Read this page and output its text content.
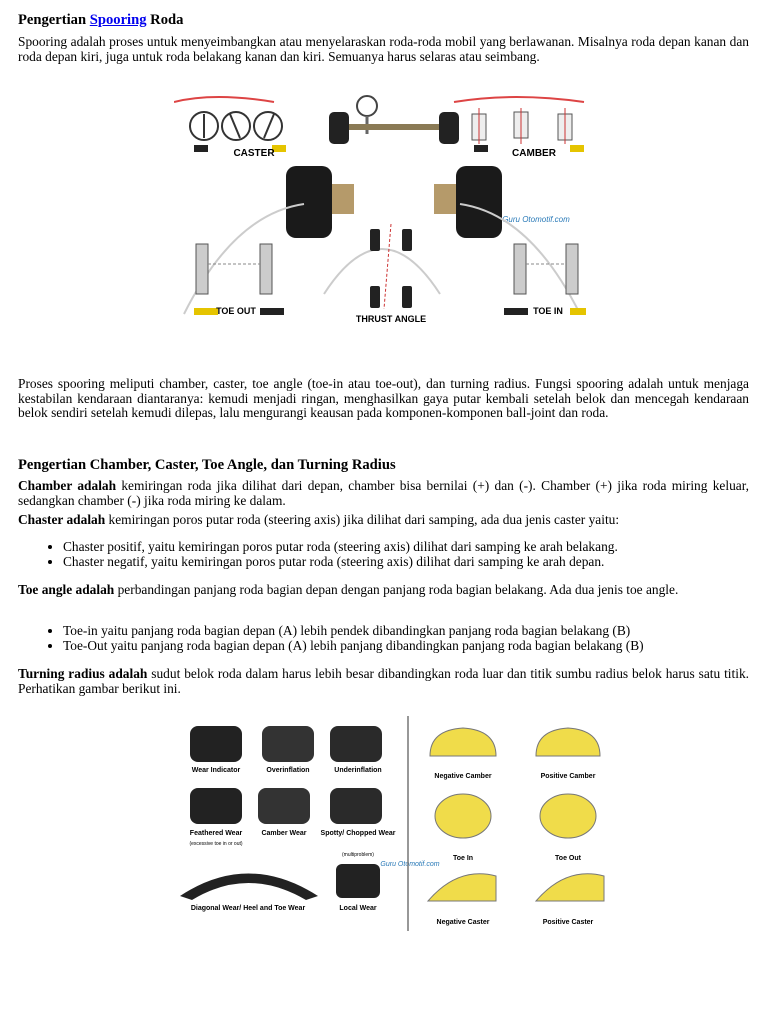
Pengertian Spooring Roda

Spooring adalah proses untuk menyeimbangkan atau menyelaraskan roda-roda mobil yang berlawanan. Misalnya roda depan kanan dan roda depan kiri, juga untuk roda belakang kanan dan kiri. Semuanya harus selaras atau seimbang.

CASTER	CAMBER
Guru Otomotif.com
TOE OUT
THRUST ANGLE
TOE IN

Proses spooring meliputi chamber, caster, toe angle (toe-in atau toe-out), dan turning radius. Fungsi spooring adalah untuk menjaga kestabilan kendaraan diantaranya: kemudi menjadi ringan, menghasilkan gaya putar kembali setelah belok dan mencegah kendaraan belok sendiri setelah kemudi dilepas, lalu mengurangi keausan pada komponen-komponen ball-joint dan roda.

Pengertian Chamber, Caster, Toe Angle, dan Turning Radius

Chamber adalah kemiringan roda jika dilihat dari depan, chamber bisa bernilai (+) dan (-). Chamber (+) jika roda miring keluar, sedangkan chamber (-) jika roda miring ke dalam.

Chaster adalah kemiringan poros putar roda (steering axis) jika dilihat dari samping, ada dua jenis caster yaitu:

• Chaster positif, yaitu kemiringan poros putar roda (steering axis) dilihat dari samping ke arah belakang.
• Chaster negatif, yaitu kemiringan poros putar roda (steering axis) dilihat dari samping ke arah depan.

Toe angle adalah perbandingan panjang roda bagian depan dengan panjang roda bagian belakang. Ada dua jenis toe angle.

• Toe-in yaitu panjang roda bagian depan (A) lebih pendek dibandingkan panjang roda bagian belakang (B)
• Toe-Out yaitu panjang roda bagian depan (A) lebih panjang dibandingkan panjang roda bagian belakang (B)

Turning radius adalah sudut belok roda dalam harus lebih besar dibandingkan roda luar dan titik sumbu radius belok harus satu titik. Perhatikan gambar berikut ini.

Wear Indicator	Overinflation	Underinflation
Feathered Wear
(excessive toe in or out)
Camber Wear Spotty/ Chopped Wear
(multiproblem)
Diagonal Wear/ Heel and Toe Wear	Local Wear
Guru Otomotif.com
Negative Camber	Positive Camber
Toe In	Toe Out
Negative Caster	Positive Caster
